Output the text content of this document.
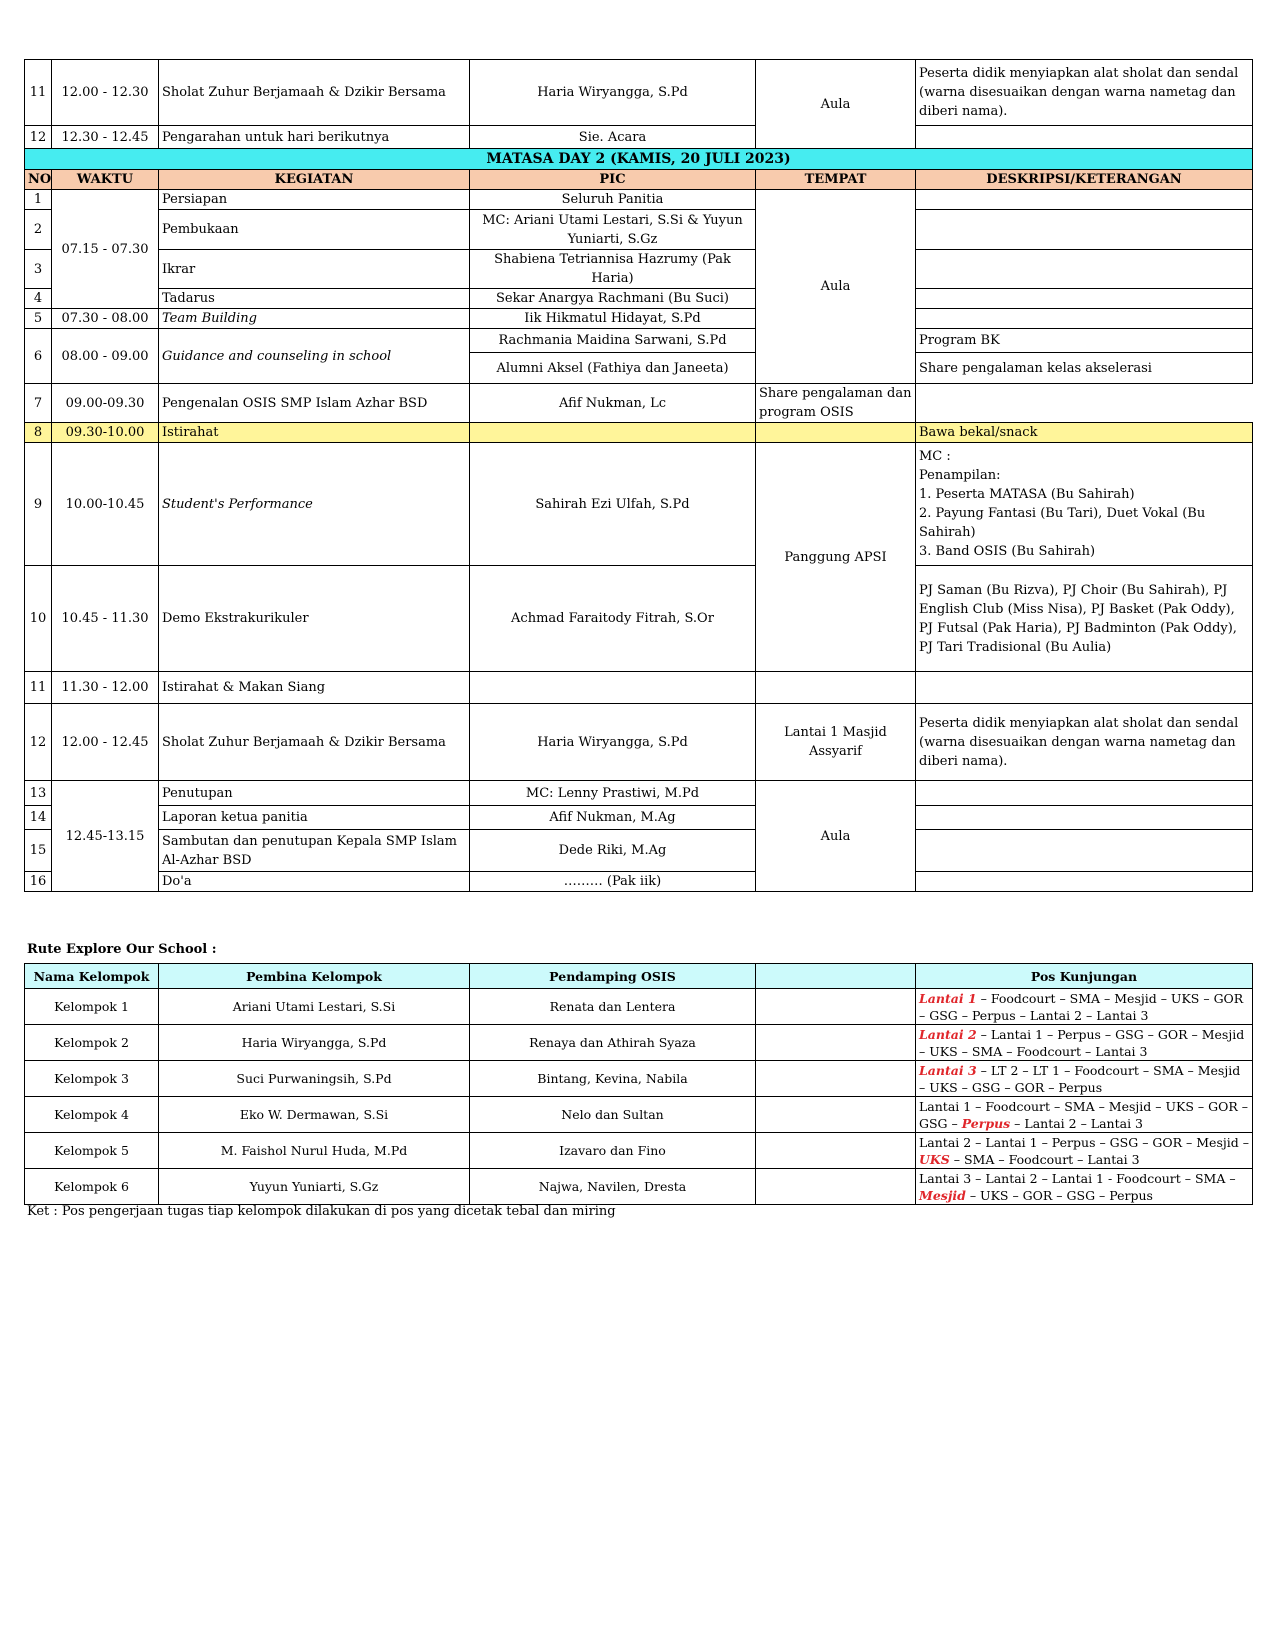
11	12.00 - 12.30	Sholat Zuhur Berjamaah & Dzikir Bersama	Haria Wiryangga, S.Pd	Aula	Peserta didik menyiapkan alat sholat dan sendal (warna disesuaikan dengan warna nametag dan diberi nama).
12	12.30 - 12.45	Pengarahan untuk hari berikutnya	Sie. Acara		
MATASA DAY 2 (KAMIS, 20 JULI 2023)					
NO	WAKTU	KEGIATAN	PIC	TEMPAT	DESKRIPSI/KETERANGAN
1	07.15 - 07.30	Persiapan	Seluruh Panitia	Aula	
2		Pembukaan	MC: Ariani Utami Lestari, S.Si & Yuyun Yuniarti, S.Gz		
3		Ikrar	Shabiena Tetriannisa Hazrumy (Pak Haria)		
4		Tadarus	Sekar Anargya Rachmani (Bu Suci)		
5	07.30 - 08.00	Team Building	Iik Hikmatul Hidayat, S.Pd		
6	08.00 - 09.00	Guidance and counseling in school	Rachmania Maidina Sarwani, S.Pd		Program BK
			Alumni Aksel (Fathiya dan Janeeta)		Share pengalaman kelas akselerasi
7	09.00-09.30	Pengenalan OSIS SMP Islam Azhar BSD	Afif Nukman, Lc	Share pengalaman dan program OSIS	
8	09.30-10.00	Istirahat			Bawa bekal/snack
9	10.00-10.45	Student's Performance	Sahirah Ezi Ulfah, S.Pd	Panggung APSI	MC :
Penampilan:
1. Peserta MATASA (Bu Sahirah)
2. Payung Fantasi (Bu Tari), Duet Vokal (Bu Sahirah)
3. Band OSIS (Bu Sahirah)

10	10.45 - 11.30	Demo Ekstrakurikuler	Achmad Faraitody Fitrah, S.Or		PJ Saman (Bu Rizva), PJ Choir (Bu Sahirah), PJ English Club (Miss Nisa), PJ Basket (Pak Oddy), PJ Futsal (Pak Haria), PJ Badminton (Pak Oddy), PJ Tari Tradisional (Bu Aulia)
11	11.30 - 12.00	Istirahat & Makan Siang			
12	12.00 - 12.45	Sholat Zuhur Berjamaah & Dzikir Bersama	Haria Wiryangga, S.Pd	Lantai 1 Masjid Assyarif	Peserta didik menyiapkan alat sholat dan sendal (warna disesuaikan dengan warna nametag dan diberi nama).
13	12.45-13.15	Penutupan	MC: Lenny Prastiwi, M.Pd	Aula	
14		Laporan ketua panitia	Afif Nukman, M.Ag		
15		Sambutan dan penutupan Kepala SMP Islam Al-Azhar BSD	Dede Riki, M.Ag		
16		Do'a	……… (Pak iik)		
Rute Explore Our School :
Nama Kelompok	Pembina Kelompok	Pendamping OSIS		Pos Kunjungan
Kelompok 1	Ariani Utami Lestari, S.Si	Renata dan Lentera		Lantai 1 – Foodcourt – SMA – Mesjid – UKS – GOR – GSG – Perpus – Lantai 2 – Lantai 3
Kelompok 2	Haria Wiryangga, S.Pd	Renaya dan Athirah Syaza		Lantai 2 – Lantai 1 – Perpus – GSG – GOR – Mesjid – UKS – SMA – Foodcourt – Lantai 3
Kelompok 3	Suci Purwaningsih, S.Pd	Bintang, Kevina, Nabila		Lantai 3 – LT 2 – LT 1 – Foodcourt – SMA – Mesjid – UKS – GSG – GOR – Perpus
Kelompok 4	Eko W. Dermawan, S.Si	Nelo dan Sultan		Lantai 1 – Foodcourt – SMA – Mesjid – UKS – GOR – GSG – Perpus – Lantai 2 – Lantai 3
Kelompok 5	M. Faishol Nurul Huda, M.Pd	Izavaro dan Fino		Lantai 2 – Lantai 1 – Perpus – GSG – GOR – Mesjid – UKS – SMA – Foodcourt – Lantai 3
Kelompok 6	Yuyun Yuniarti, S.Gz	Najwa, Navilen, Dresta		Lantai 3 – Lantai 2 – Lantai 1 - Foodcourt – SMA – Mesjid – UKS – GOR – GSG – Perpus
Ket : Pos pengerjaan tugas tiap kelompok dilakukan di pos yang dicetak tebal dan miring
